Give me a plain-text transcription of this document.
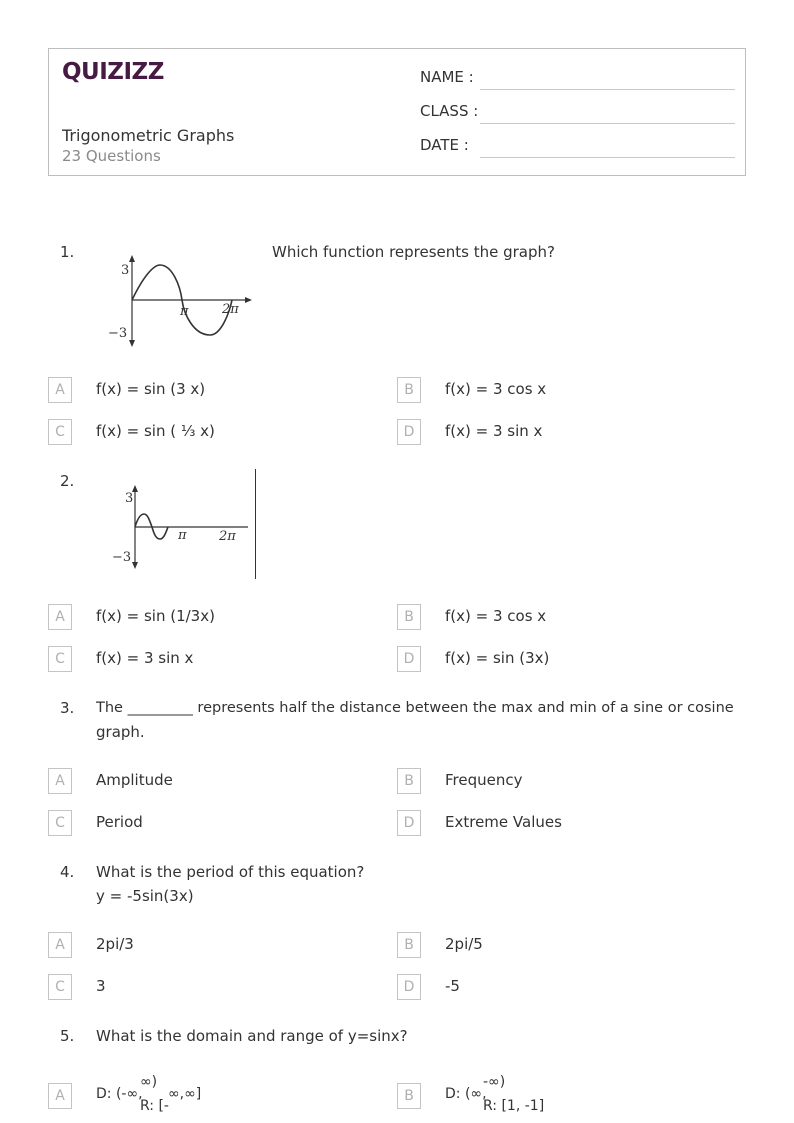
QUIZIZZ
Trigonometric Graphs
23 Questions
NAME :
CLASS :
DATE :
1.	Which function represents the graph?
3
−3
π	2π
A	f(x) = sin (3 x)	B	f(x) = 3 cos x
C	f(x) = sin ( ⅓ x)	D	f(x) = 3 sin x
2.
3
−3
π 2π
A	f(x) = sin (1/3x)	B	f(x) = 3 cos x
C	f(x) = 3 sin x	D	f(x) = sin (3x)
3. The _________ represents half the distance between the max and min of a sine or cosine
graph.
A	Amplitude	B	Frequency
C	Period	D	Extreme Values
4. What is the period of this equation?
y = -5sin(3x)
A	2pi/3	B	2pi/5
C	3	D	-5
5. What is the domain and range of y=sinx?
A	D: (-∞,
∞)
R: [-
∞,∞]	B	D: (∞,
-∞)
R: [1, -1]
